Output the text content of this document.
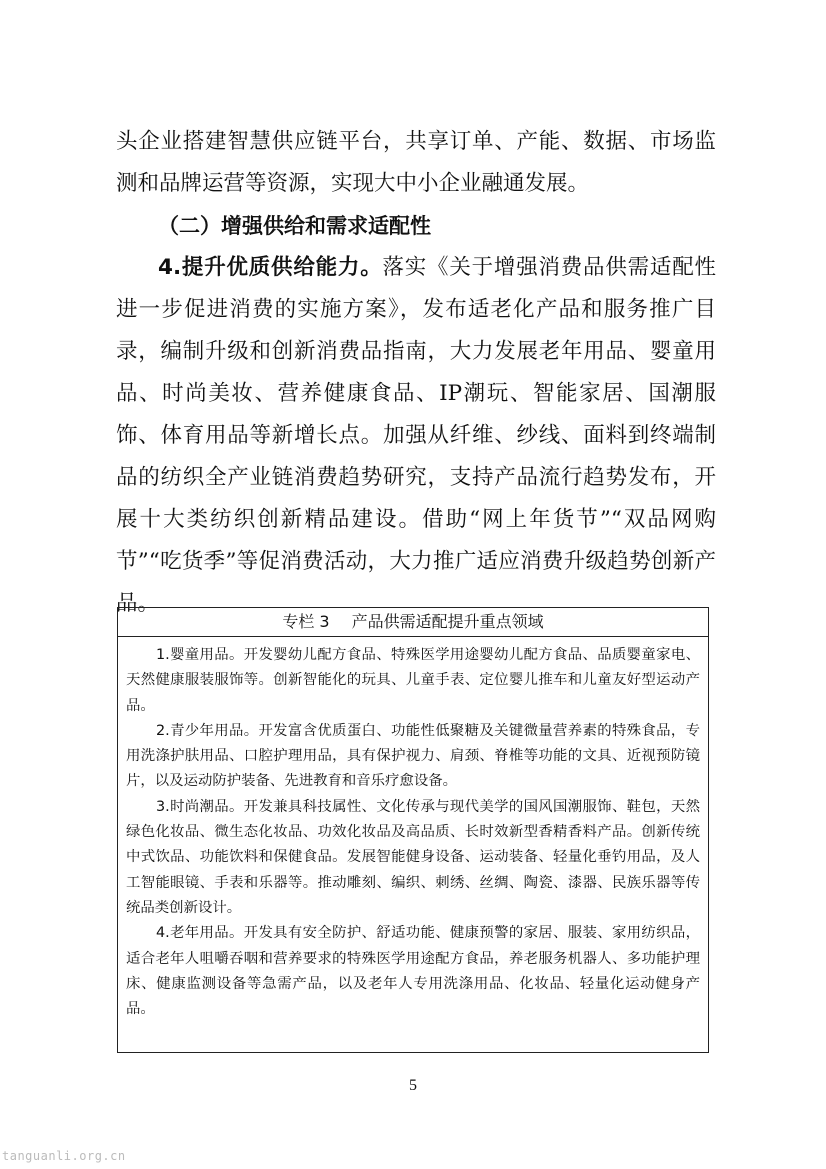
头企业搭建智慧供应链平台，共享订单、产能、数据、市场监测和品牌运营等资源，实现大中小企业融通发展。

（二）增强供给和需求适配性

4.提升优质供给能力。落实《关于增强消费品供需适配性进一步促进消费的实施方案》，发布适老化产品和服务推广目录，编制升级和创新消费品指南，大力发展老年用品、婴童用品、时尚美妆、营养健康食品、IP潮玩、智能家居、国潮服饰、体育用品等新增长点。加强从纤维、纱线、面料到终端制品的纺织全产业链消费趋势研究，支持产品流行趋势发布，开展十大类纺织创新精品建设。借助“网上年货节”“双品网购节”“吃货季”等促消费活动，大力推广适应消费升级趋势创新产品。

专栏 3 产品供需适配提升重点领域

1.婴童用品。开发婴幼儿配方食品、特殊医学用途婴幼儿配方食品、品质婴童家电、天然健康服装服饰等。创新智能化的玩具、儿童手表、定位婴儿推车和儿童友好型运动产品。

2.青少年用品。开发富含优质蛋白、功能性低聚糖及关键微量营养素的特殊食品，专用洗涤护肤用品、口腔护理用品，具有保护视力、肩颈、脊椎等功能的文具、近视预防镜片，以及运动防护装备、先进教育和音乐疗愈设备。

3.时尚潮品。开发兼具科技属性、文化传承与现代美学的国风国潮服饰、鞋包，天然绿色化妆品、微生态化妆品、功效化妆品及高品质、长时效新型香精香料产品。创新传统中式饮品、功能饮料和保健食品。发展智能健身设备、运动装备、轻量化垂钓用品，及人工智能眼镜、手表和乐器等。推动雕刻、编织、刺绣、丝绸、陶瓷、漆器、民族乐器等传统品类创新设计。

4.老年用品。开发具有安全防护、舒适功能、健康预警的家居、服装、家用纺织品，适合老年人咀嚼吞咽和营养要求的特殊医学用途配方食品，养老服务机器人、多功能护理床、健康监测设备等急需产品，以及老年人专用洗涤用品、化妆品、轻量化运动健身产品。

5
tanguanli.org.cn
